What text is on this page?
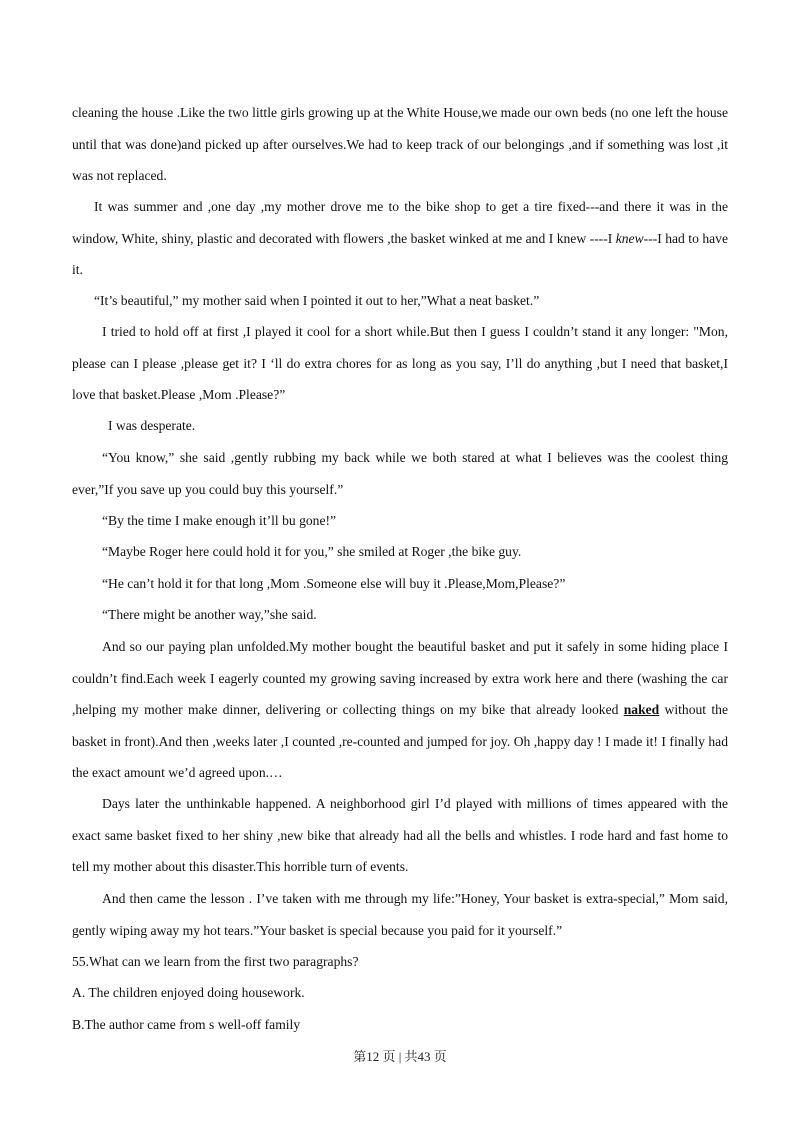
cleaning the house .Like the two little girls growing up at the White House,we made our own beds (no one left the house until that was done)and picked up after ourselves.We had to keep track of our belongings ,and if something was lost ,it was not replaced.

It was summer and ,one day ,my mother drove me to the bike shop to get a tire fixed---and there it was in the window, White, shiny, plastic and decorated with flowers ,the basket winked at me and I knew ----I knew---I had to have it.

“It’s beautiful,” my mother said when I pointed it out to her,”What a neat basket.”

I tried to hold off at first ,I played it cool for a short while.But then I guess I couldn’t stand it any longer: "Mon, please can I please ,please get it? I ‘ll do extra chores for as long as you say, I’ll do anything ,but I need that basket,I love that basket.Please ,Mom .Please?”

I was desperate.

“You know,” she said ,gently rubbing my back while we both stared at what I believes was the coolest thing ever,”If you save up you could buy this yourself.”

“By the time I make enough it’ll bu gone!”

“Maybe Roger here could hold it for you,” she smiled at Roger ,the bike guy.

“He can’t hold it for that long ,Mom .Someone else will buy it .Please,Mom,Please?”

“There might be another way,”she said.

And so our paying plan unfolded.My mother bought the beautiful basket and put it safely in some hiding place I couldn’t find.Each week I eagerly counted my growing saving increased by extra work here and there (washing the car ,helping my mother make dinner, delivering or collecting things on my bike that already looked naked without the basket in front).And then ,weeks later ,I counted ,re-counted and jumped for joy. Oh ,happy day ! I made it! I finally had the exact amount we’d agreed upon.…

Days later the unthinkable happened. A neighborhood girl I’d played with millions of times appeared with the exact same basket fixed to her shiny ,new bike that already had all the bells and whistles. I rode hard and fast home to tell my mother about this disaster.This horrible turn of events.

And then came the lesson . I’ve taken with me through my life:”Honey, Your basket is extra-special,” Mom said, gently wiping away my hot tears.”Your basket is special because you paid for it yourself.”

55.What can we learn from the first two paragraphs?

A. The children enjoyed doing housework.

B.The author came from s well-off family

第12 页 | 共43 页
